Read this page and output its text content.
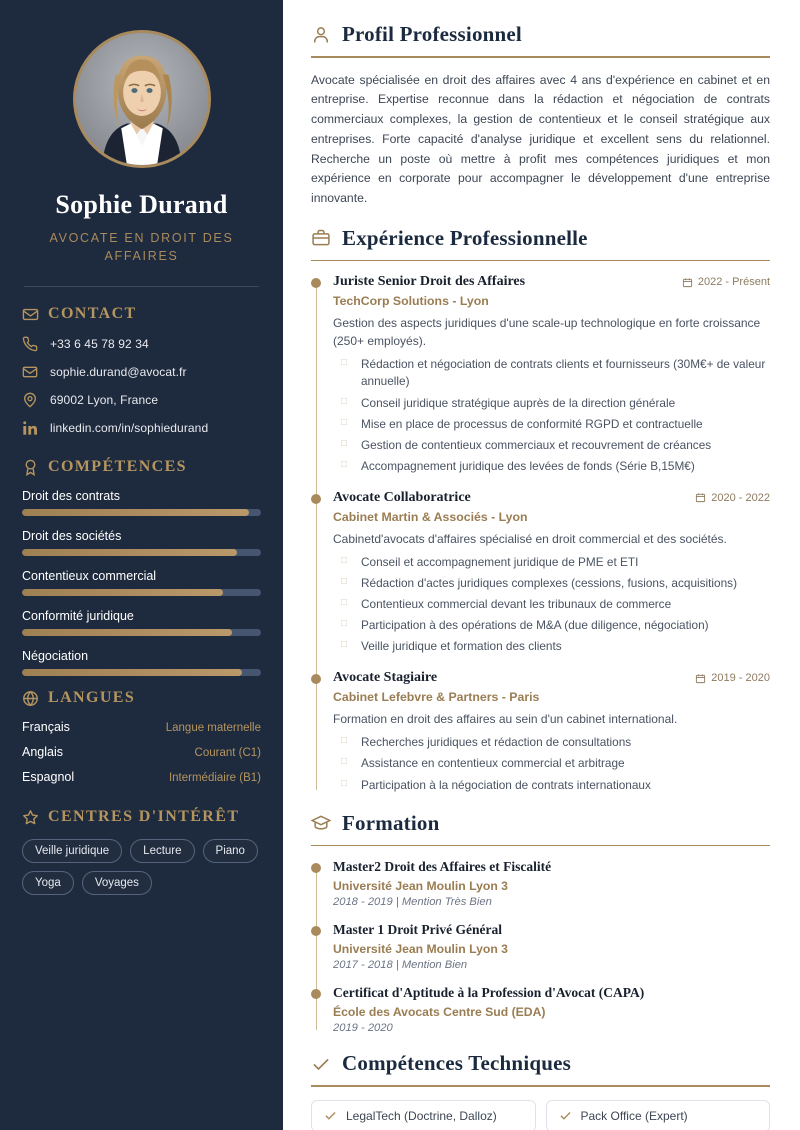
Sophie Durand
AVOCATE EN DROIT DES AFFAIRES
CONTACT
+33 6 45 78 92 34
sophie.durand@avocat.fr
69002 Lyon, France
linkedin.com/in/sophiedurand
COMPÉTENCES
Droit des contrats
Droit des sociétés
Contentieux commercial
Conformité juridique
Négociation
LANGUES
Français	Langue maternelle
Anglais	Courant (C1)
Espagnol	Intermédiaire (B1)
CENTRES D'INTÉRÊT
Veille juridique	Lecture	Piano
Yoga	Voyages
Profil Professionnel

Avocate spécialisée en droit des affaires avec 4 ans d'expérience en cabinet et en entreprise. Expertise reconnue dans la rédaction et négociation de contrats commerciaux complexes, la gestion de contentieux et le conseil stratégique aux entreprises. Forte capacité d'analyse juridique et excellent sens du relationnel. Recherche un poste où mettre à profit mes compétences juridiques et mon expérience en corporate pour accompagner le développement d'une entreprise innovante.

Expérience Professionnelle
Juriste Senior Droit des Affaires	2022 - Présent
TechCorp Solutions - Lyon
Gestion des aspects juridiques d'une scale-up technologique en forte croissance (250+ employés).
□ Rédaction et négociation de contrats clients et fournisseurs (30M€+ de valeur annuelle)
□ Conseil juridique stratégique auprès de la direction générale
□ Mise en place de processus de conformité RGPD et contractuelle
□ Gestion de contentieux commerciaux et recouvrement de créances
□ Accompagnement juridique des levées de fonds (Série B,15M€)
Avocate Collaboratrice	2020 - 2022
Cabinet Martin & Associés - Lyon
Cabinetd'avocats d'affaires spécialisé en droit commercial et des sociétés.
□ Conseil et accompagnement juridique de PME et ETI
□ Rédaction d'actes juridiques complexes (cessions, fusions, acquisitions)
□ Contentieux commercial devant les tribunaux de commerce
□ Participation à des opérations de M&A (due diligence, négociation)
□ Veille juridique et formation des clients
Avocate Stagiaire	2019 - 2020
Cabinet Lefebvre & Partners - Paris
Formation en droit des affaires au sein d'un cabinet international.
□ Recherches juridiques et rédaction de consultations
□ Assistance en contentieux commercial et arbitrage
□ Participation à la négociation de contrats internationaux
Formation
Master2 Droit des Affaires et Fiscalité
Université Jean Moulin Lyon 3
2018 - 2019 | Mention Très Bien
Master 1 Droit Privé Général
Université Jean Moulin Lyon 3
2017 - 2018 | Mention Bien
Certificat d'Aptitude à la Profession d'Avocat (CAPA)
École des Avocats Centre Sud (EDA)
2019 - 2020
Compétences Techniques
LegalTech (Doctrine, Dalloz)	Pack Office (Expert)
